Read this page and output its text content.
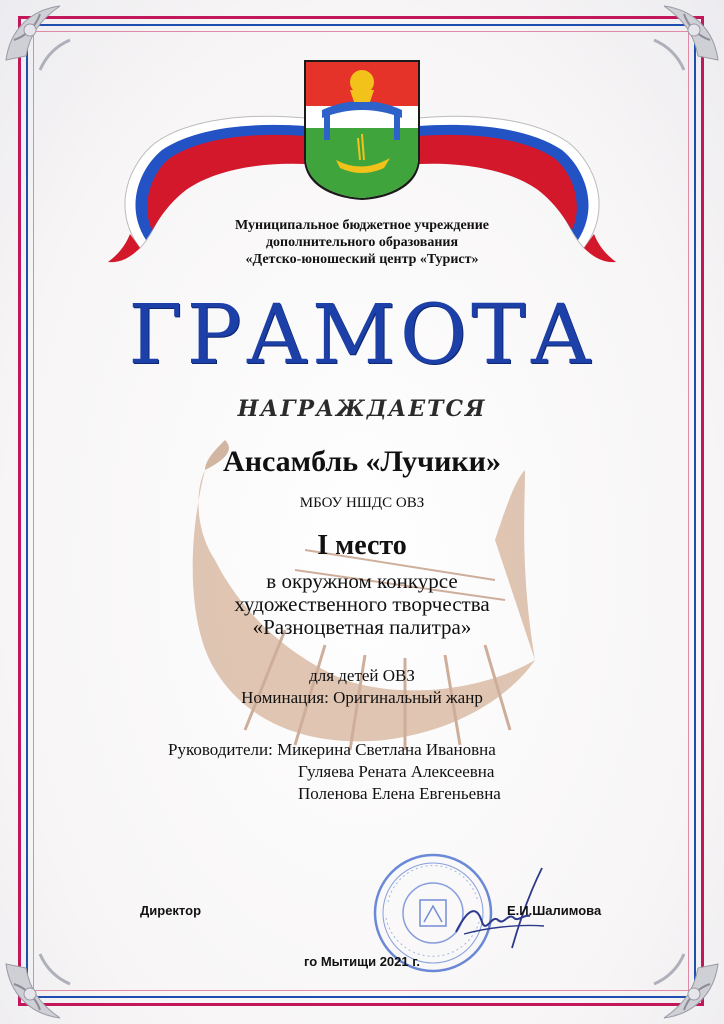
Муниципальное бюджетное учреждение
дополнительного образования
«Детско-юношеский центр «Турист»
ГРАМОТА
НАГРАЖДАЕТСЯ
Ансамбль «Лучики»
МБОУ НШДС ОВЗ
I место
в окружном конкурсе
художественного творчества
«Разноцветная палитра»
для детей ОВЗ
Номинация: Оригинальный жанр
Руководители: Микерина Светлана Ивановна
Гуляева Рената Алексеевна
Поленова Елена Евгеньевна
Директор	Е.И.Шалимова
го Мытищи 2021 г.
